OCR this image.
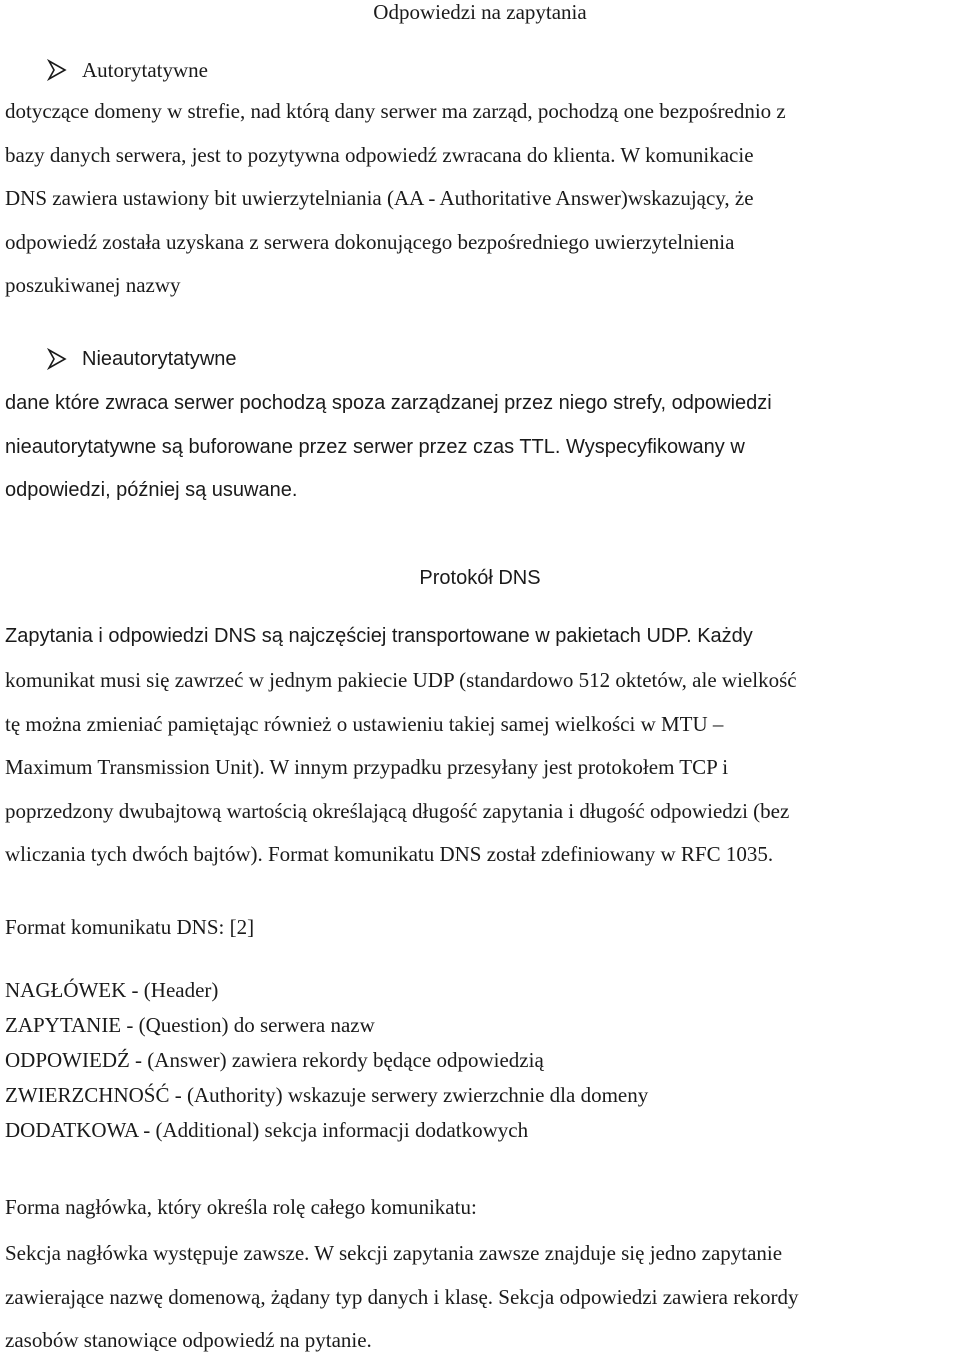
Odpowiedzi na zapytania

Autorytatywne
dotyczące domeny w strefie, nad którą dany serwer ma zarząd, pochodzą one bezpośrednio z
bazy danych serwera, jest to pozytywna odpowiedź zwracana do klienta. W komunikacie
DNS zawiera ustawiony bit uwierzytelniania (AA - Authoritative Answer)wskazujący, że
odpowiedź została uzyskana z serwera dokonującego bezpośredniego uwierzytelnienia
poszukiwanej nazwy
Nieautorytatywne
dane które zwraca serwer pochodzą spoza zarządzanej przez niego strefy, odpowiedzi
nieautorytatywne są buforowane przez serwer przez czas TTL. Wyspecyfikowany w
odpowiedzi, później są usuwane.

Protokół DNS

Zapytania i odpowiedzi DNS są najczęściej transportowane w pakietach UDP. Każdy
komunikat musi się zawrzeć w jednym pakiecie UDP (standardowo 512 oktetów, ale wielkość
tę można zmieniać pamiętając również o ustawieniu takiej samej wielkości w MTU –
Maximum Transmission Unit). W innym przypadku przesyłany jest protokołem TCP i
poprzedzony dwubajtową wartością określającą długość zapytania i długość odpowiedzi (bez
wliczania tych dwóch bajtów). Format komunikatu DNS został zdefiniowany w RFC 1035.

Format komunikatu DNS: [2]

NAGŁÓWEK - (Header)
ZAPYTANIE - (Question) do serwera nazw
ODPOWIEDŹ - (Answer) zawiera rekordy będące odpowiedzią
ZWIERZCHNOŚĆ - (Authority) wskazuje serwery zwierzchnie dla domeny
DODATKOWA - (Additional) sekcja informacji dodatkowych

Forma nagłówka, który określa rolę całego komunikatu:

Sekcja nagłówka występuje zawsze. W sekcji zapytania zawsze znajduje się jedno zapytanie
zawierające nazwę domenową, żądany typ danych i klasę. Sekcja odpowiedzi zawiera rekordy
zasobów stanowiące odpowiedź na pytanie.
